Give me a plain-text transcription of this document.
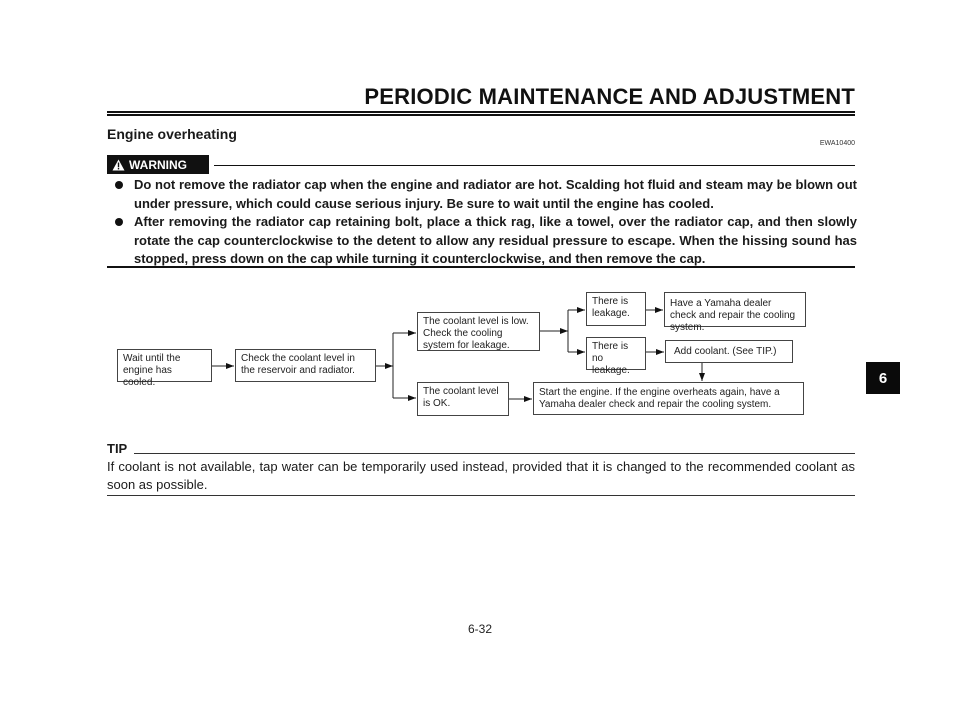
PERIODIC MAINTENANCE AND ADJUSTMENT
Engine overheating
EWA10400
WARNING
Do not remove the radiator cap when the engine and radiator are hot. Scalding hot fluid and steam may be blown out under pressure, which could cause serious injury. Be sure to wait until the engine has cooled.
After removing the radiator cap retaining bolt, place a thick rag, like a towel, over the radiator cap, and then slowly rotate the cap counterclockwise to the detent to allow any residual pressure to escape. When the hissing sound has stopped, press down on the cap while turning it counterclockwise, and then remove the cap.
Wait until the engine has cooled.
Check the coolant level in the reservoir and radiator.
The coolant level is low. Check the cooling system for leakage.
The coolant level is OK.
There is leakage.
There is no leakage.
Have a Yamaha dealer check and repair the cooling system.
Add coolant. (See TIP.)
Start the engine. If the engine overheats again, have a Yamaha dealer check and repair the cooling system.
TIP
If coolant is not available, tap water can be temporarily used instead, provided that it is changed to the recommended coolant as soon as possible.
6
6-32
